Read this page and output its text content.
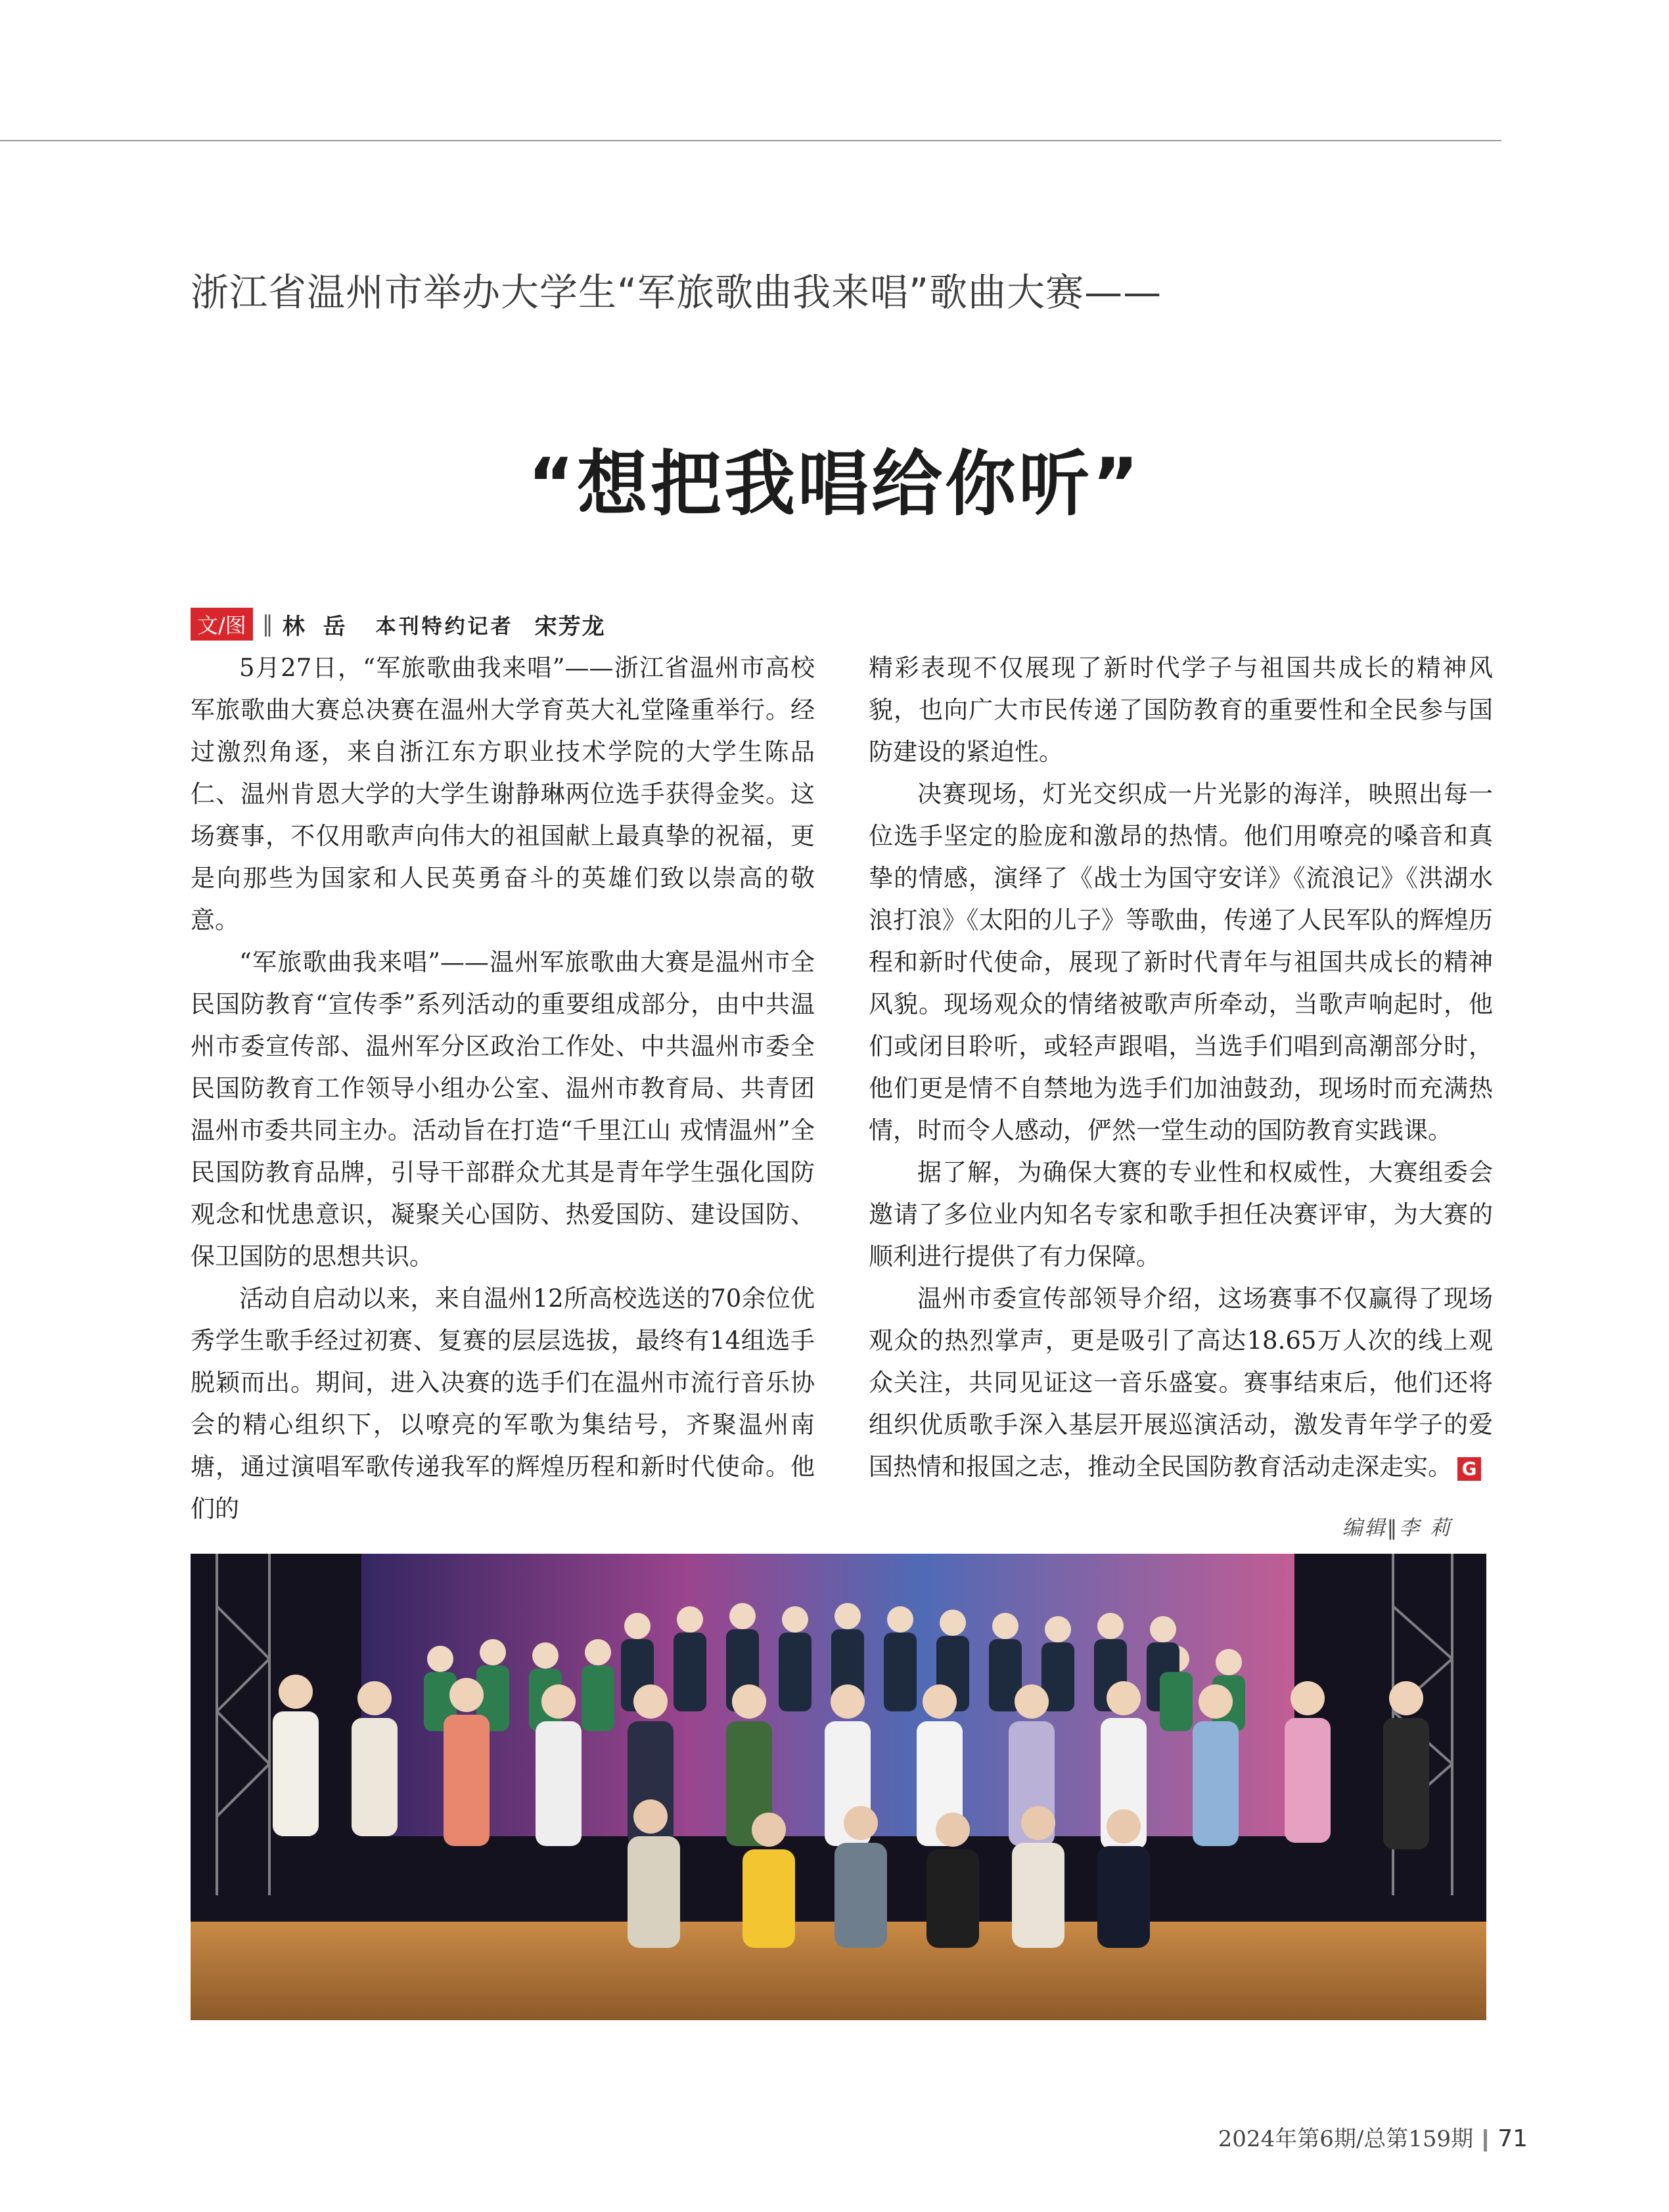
浙江省温州市举办大学生“军旅歌曲我来唱”歌曲大赛——
“想把我唱给你听”
文/图 ‖ 林 岳 本刊特约记者 宋芳龙

5月27日，“军旅歌曲我来唱”——浙江省温州市高校军旅歌曲大赛总决赛在温州大学育英大礼堂隆重举行。经过激烈角逐，来自浙江东方职业技术学院的大学生陈品仁、温州肯恩大学的大学生谢静琳两位选手获得金奖。这场赛事，不仅用歌声向伟大的祖国献上最真挚的祝福，更是向那些为国家和人民英勇奋斗的英雄们致以崇高的敬意。

“军旅歌曲我来唱”——温州军旅歌曲大赛是温州市全民国防教育“宣传季”系列活动的重要组成部分，由中共温州市委宣传部、温州军分区政治工作处、中共温州市委全民国防教育工作领导小组办公室、温州市教育局、共青团温州市委共同主办。活动旨在打造“千里江山 戎情温州”全民国防教育品牌，引导干部群众尤其是青年学生强化国防观念和忧患意识，凝聚关心国防、热爱国防、建设国防、保卫国防的思想共识。

活动自启动以来，来自温州12所高校选送的70余位优秀学生歌手经过初赛、复赛的层层选拔，最终有14组选手脱颖而出。期间，进入决赛的选手们在温州市流行音乐协会的精心组织下，以嘹亮的军歌为集结号，齐聚温州南塘，通过演唱军歌传递我军的辉煌历程和新时代使命。他们的

精彩表现不仅展现了新时代学子与祖国共成长的精神风貌，也向广大市民传递了国防教育的重要性和全民参与国防建设的紧迫性。

决赛现场，灯光交织成一片光影的海洋，映照出每一位选手坚定的脸庞和激昂的热情。他们用嘹亮的嗓音和真挚的情感，演绎了《战士为国守安详》《流浪记》《洪湖水浪打浪》《太阳的儿子》等歌曲，传递了人民军队的辉煌历程和新时代使命，展现了新时代青年与祖国共成长的精神风貌。现场观众的情绪被歌声所牵动，当歌声响起时，他们或闭目聆听，或轻声跟唱，当选手们唱到高潮部分时，他们更是情不自禁地为选手们加油鼓劲，现场时而充满热情，时而令人感动，俨然一堂生动的国防教育实践课。

据了解，为确保大赛的专业性和权威性，大赛组委会邀请了多位业内知名专家和歌手担任决赛评审，为大赛的顺利进行提供了有力保障。

温州市委宣传部领导介绍，这场赛事不仅赢得了现场观众的热烈掌声，更是吸引了高达18.65万人次的线上观众关注，共同见证这一音乐盛宴。赛事结束后，他们还将组织优质歌手深入基层开展巡演活动，激发青年学子的爱国热情和报国之志，推动全民国防教育活动走深走实。 G

编辑‖李 莉
2024年第6期/总第159期 71
